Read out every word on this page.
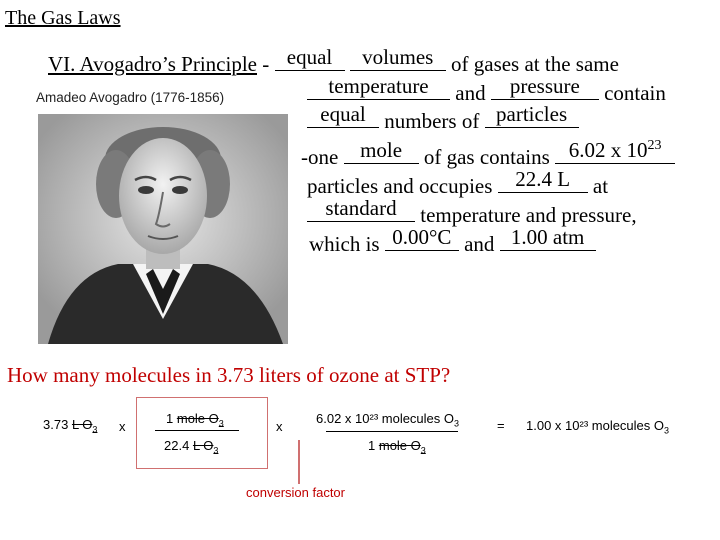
The Gas Laws
Amadeo Avogadro (1776-1856)
VI. Avogadro’s Principle - equal
	volumes of gases at the same
temperature	and	pressure	contain
equal numbers of particles
-one	mole	of gas contains 6.02 x $10^{23}$
particles and occupies	22.4 L	at
standard	temperature and pressure,
which is 0.00°C and 1.00 atm
How many molecules in 3.73 liters of ozone at STP?
3.73 L $O_3$ x
1 mole $O_3$
22.4 L $O_3$
x
6.02 x 10²³ molecules $O_3$
1 mole $O_3$
= 1.00 x 10²³ molecules $O_3$
conversion factor
